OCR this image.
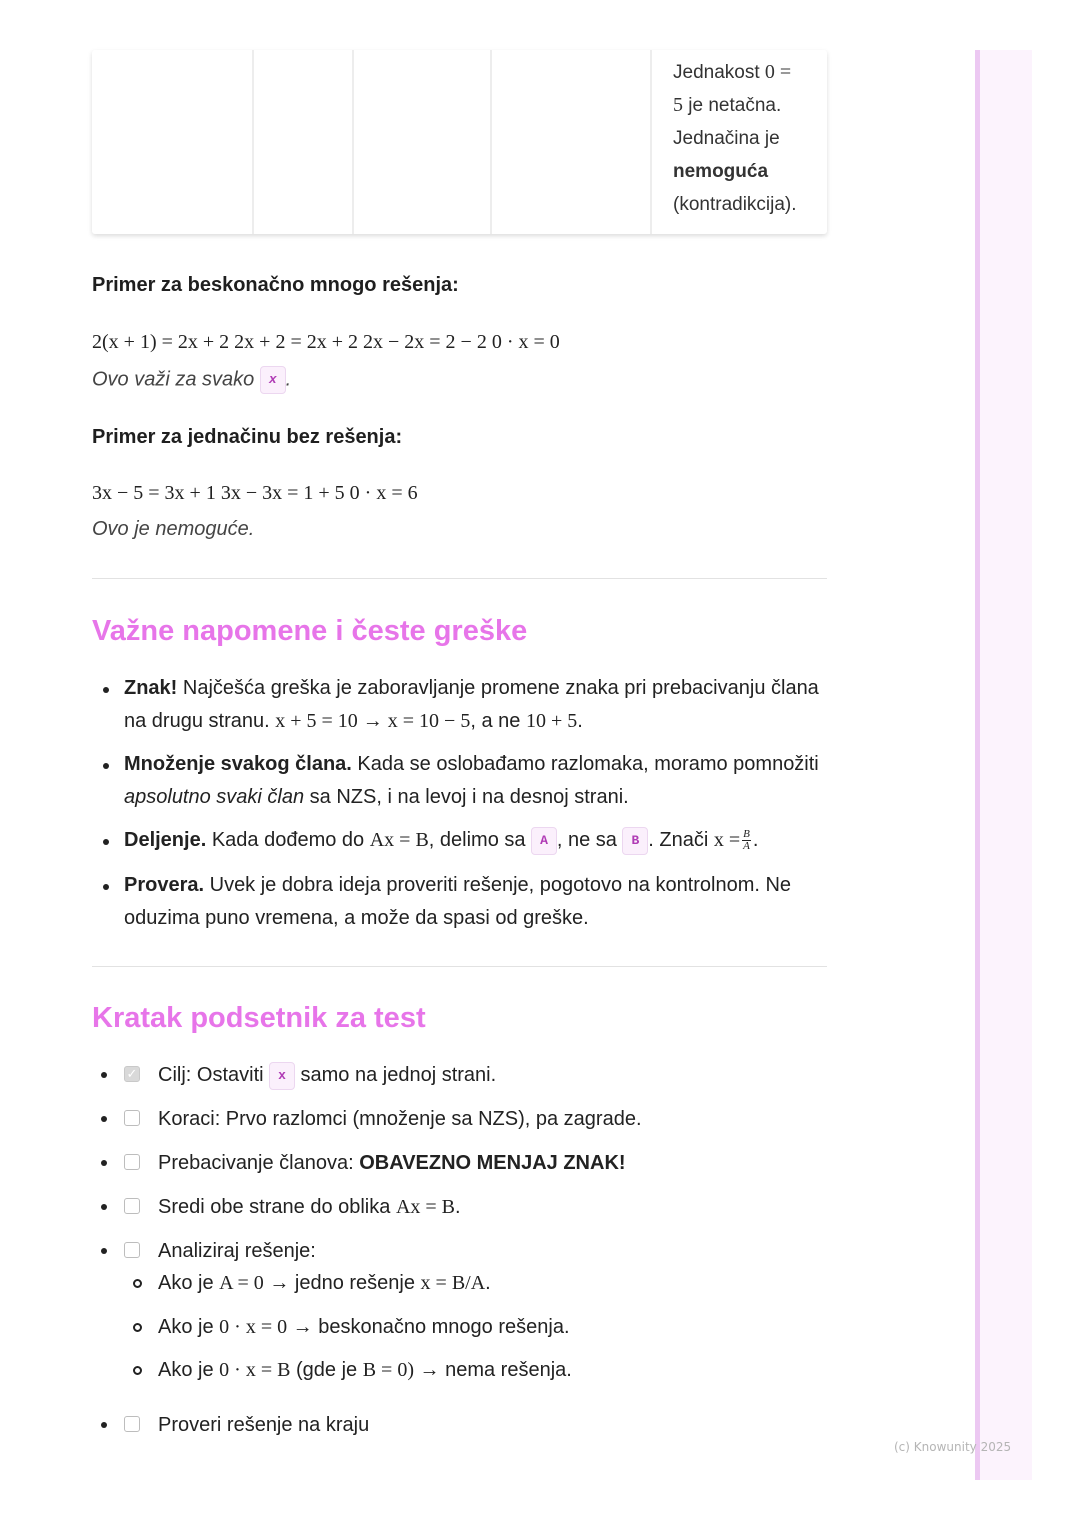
Jednakost 0 =
5 je netačna.
Jednačina je
nemoguća
(kontradikcija).
Primer za beskonačno mnogo rešenja:
2(x + 1) = 2x + 2 2x + 2 = 2x + 2 2x − 2x = 2 − 2 0 · x = 0
Ovo važi za svako x .
Primer za jednačinu bez rešenja:
3x − 5 = 3x + 1 3x − 3x = 1 + 5 0 · x = 6
Ovo je nemoguće.
Važne napomene i česte greške
Znak! Najčešća greška je zaboravljanje promene znaka pri prebacivanju člana na drugu stranu. x + 5 = 10 → x = 10 − 5, a ne 10 + 5.
Množenje svakog člana. Kada se oslobađamo razlomaka, moramo pomnožiti apsolutno svaki član sa NZS, i na levoj i na desnoj strani.
Deljenje. Kada dođemo do Ax = B, delimo sa A , ne sa B . Znači $x = \frac{B}{A}$ .
Provera. Uvek je dobra ideja proveriti rešenje, pogotovo na kontrolnom. Ne oduzima puno vremena, a može da spasi od greške.
Kratak podsetnik za test
✓ Cilj: Ostaviti x samo na jednoj strani.
Koraci: Prvo razlomci (množenje sa NZS), pa zagrade.
Prebacivanje članova: OBAVEZNO MENJAJ ZNAK!
Sredi obe strane do oblika Ax = B.
Analiziraj rešenje:
Ako je A = 0 → jedno rešenje x = B/A.
Ako je 0 · x = 0 → beskonačno mnogo rešenja.
Ako je 0 · x = B (gde je B = 0) → nema rešenja.
Proveri rešenje na kraju
(c) Knowunity 2025
